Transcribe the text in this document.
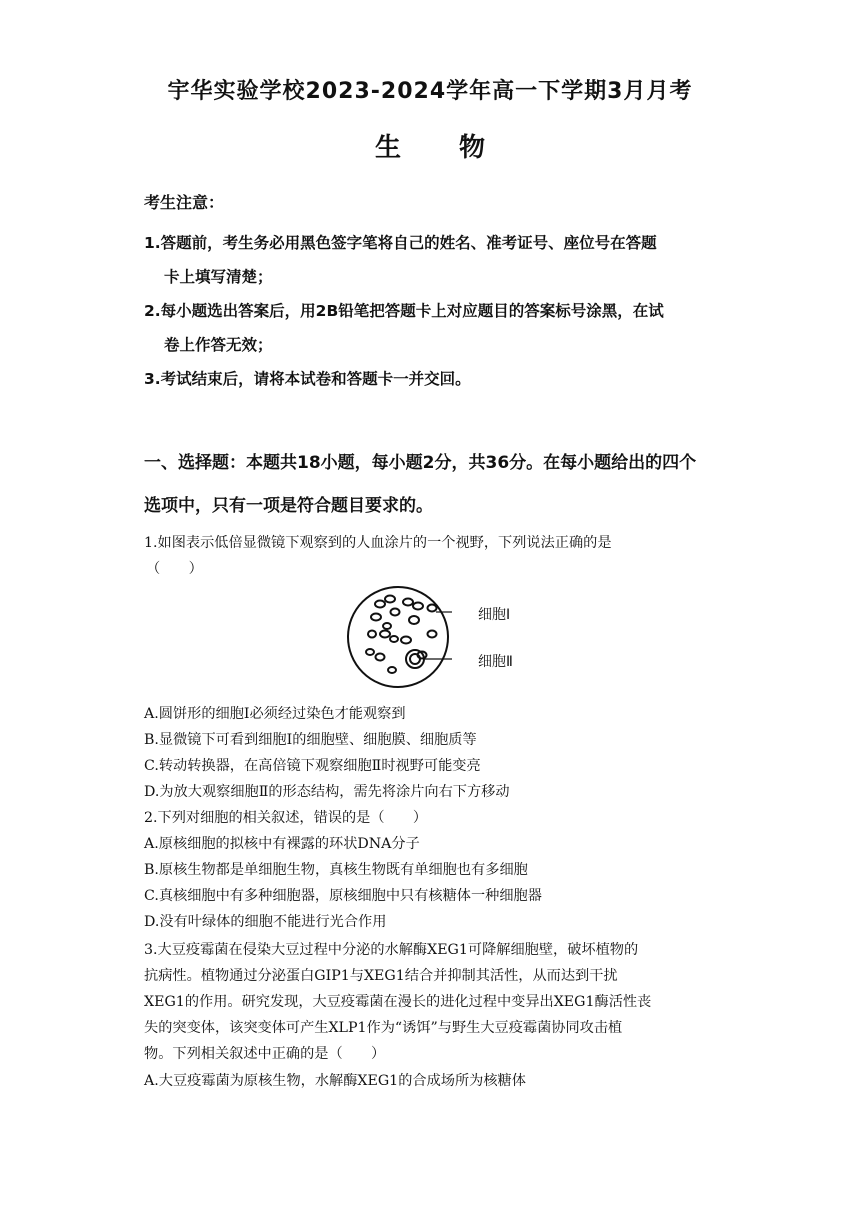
宇华实验学校2023-2024学年高一下学期3月月考
生物
考生注意：
1.答题前，考生务必用黑色签字笔将自己的姓名、准考证号、座位号在答题
卡上填写清楚；
2.每小题选出答案后，用2B铅笔把答题卡上对应题目的答案标号涂黑，在试
卷上作答无效；
3.考试结束后，请将本试卷和答题卡一并交回。
一、选择题：本题共18小题，每小题2分，共36分。在每小题给出的四个
选项中，只有一项是符合题目要求的。
1.如图表示低倍显微镜下观察到的人血涂片的一个视野，下列说法正确的是
（　　）
细胞Ⅰ
细胞Ⅱ
A.圆饼形的细胞Ⅰ必须经过染色才能观察到
B.显微镜下可看到细胞Ⅰ的细胞壁、细胞膜、细胞质等
C.转动转换器，在高倍镜下观察细胞Ⅱ时视野可能变亮
D.为放大观察细胞Ⅱ的形态结构，需先将涂片向右下方移动
2.下列对细胞的相关叙述，错误的是（　　）
A.原核细胞的拟核中有裸露的环状DNA分子
B.原核生物都是单细胞生物，真核生物既有单细胞也有多细胞
C.真核细胞中有多种细胞器，原核细胞中只有核糖体一种细胞器
D.没有叶绿体的细胞不能进行光合作用
3.大豆疫霉菌在侵染大豆过程中分泌的水解酶XEG1可降解细胞壁，破坏植物的
抗病性。植物通过分泌蛋白GIP1与XEG1结合并抑制其活性，从而达到干扰
XEG1的作用。研究发现，大豆疫霉菌在漫长的进化过程中变异出XEG1酶活性丧
失的突变体，该突变体可产生XLP1作为“诱饵”与野生大豆疫霉菌协同攻击植
物。下列相关叙述中正确的是（　　）
A.大豆疫霉菌为原核生物，水解酶XEG1的合成场所为核糖体
